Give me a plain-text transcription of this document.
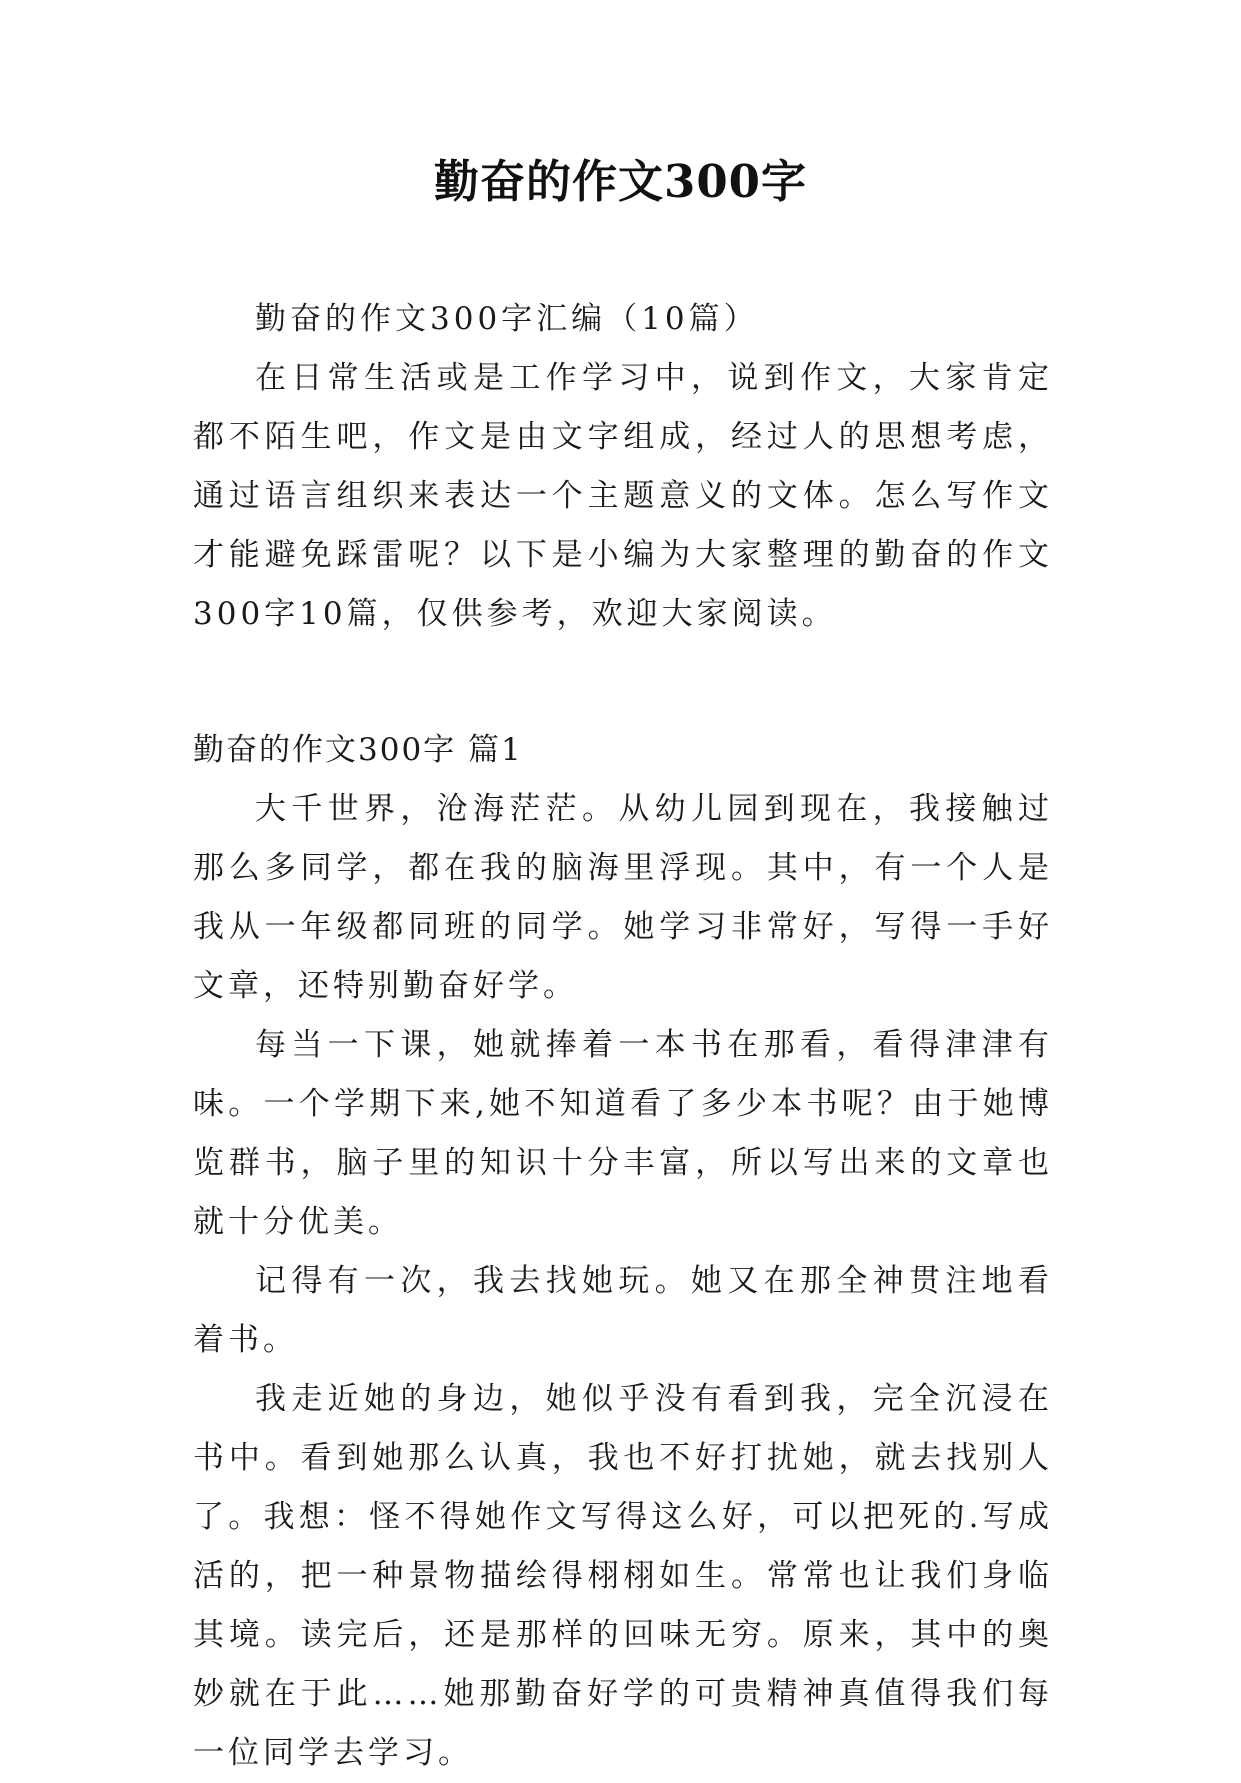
勤奋的作文300字

勤奋的作文300字汇编（10篇）

在日常生活或是工作学习中，说到作文，大家肯定都不陌生吧，作文是由文字组成，经过人的思想考虑，通过语言组织来表达一个主题意义的文体。怎么写作文才能避免踩雷呢？以下是小编为大家整理的勤奋的作文300字10篇，仅供参考，欢迎大家阅读。

勤奋的作文300字 篇1

大千世界，沧海茫茫。从幼儿园到现在，我接触过那么多同学，都在我的脑海里浮现。其中，有一个人是我从一年级都同班的同学。她学习非常好，写得一手好文章，还特别勤奋好学。

每当一下课，她就捧着一本书在那看，看得津津有味。一个学期下来,她不知道看了多少本书呢？由于她博览群书，脑子里的知识十分丰富，所以写出来的文章也就十分优美。

记得有一次，我去找她玩。她又在那全神贯注地看着书。

我走近她的身边，她似乎没有看到我，完全沉浸在书中。看到她那么认真，我也不好打扰她，就去找别人了。我想：怪不得她作文写得这么好，可以把死的.写成活的，把一种景物描绘得栩栩如生。常常也让我们身临其境。读完后，还是那样的回味无穷。原来，其中的奥妙就在于此……她那勤奋好学的可贵精神真值得我们每一位同学去学习。
